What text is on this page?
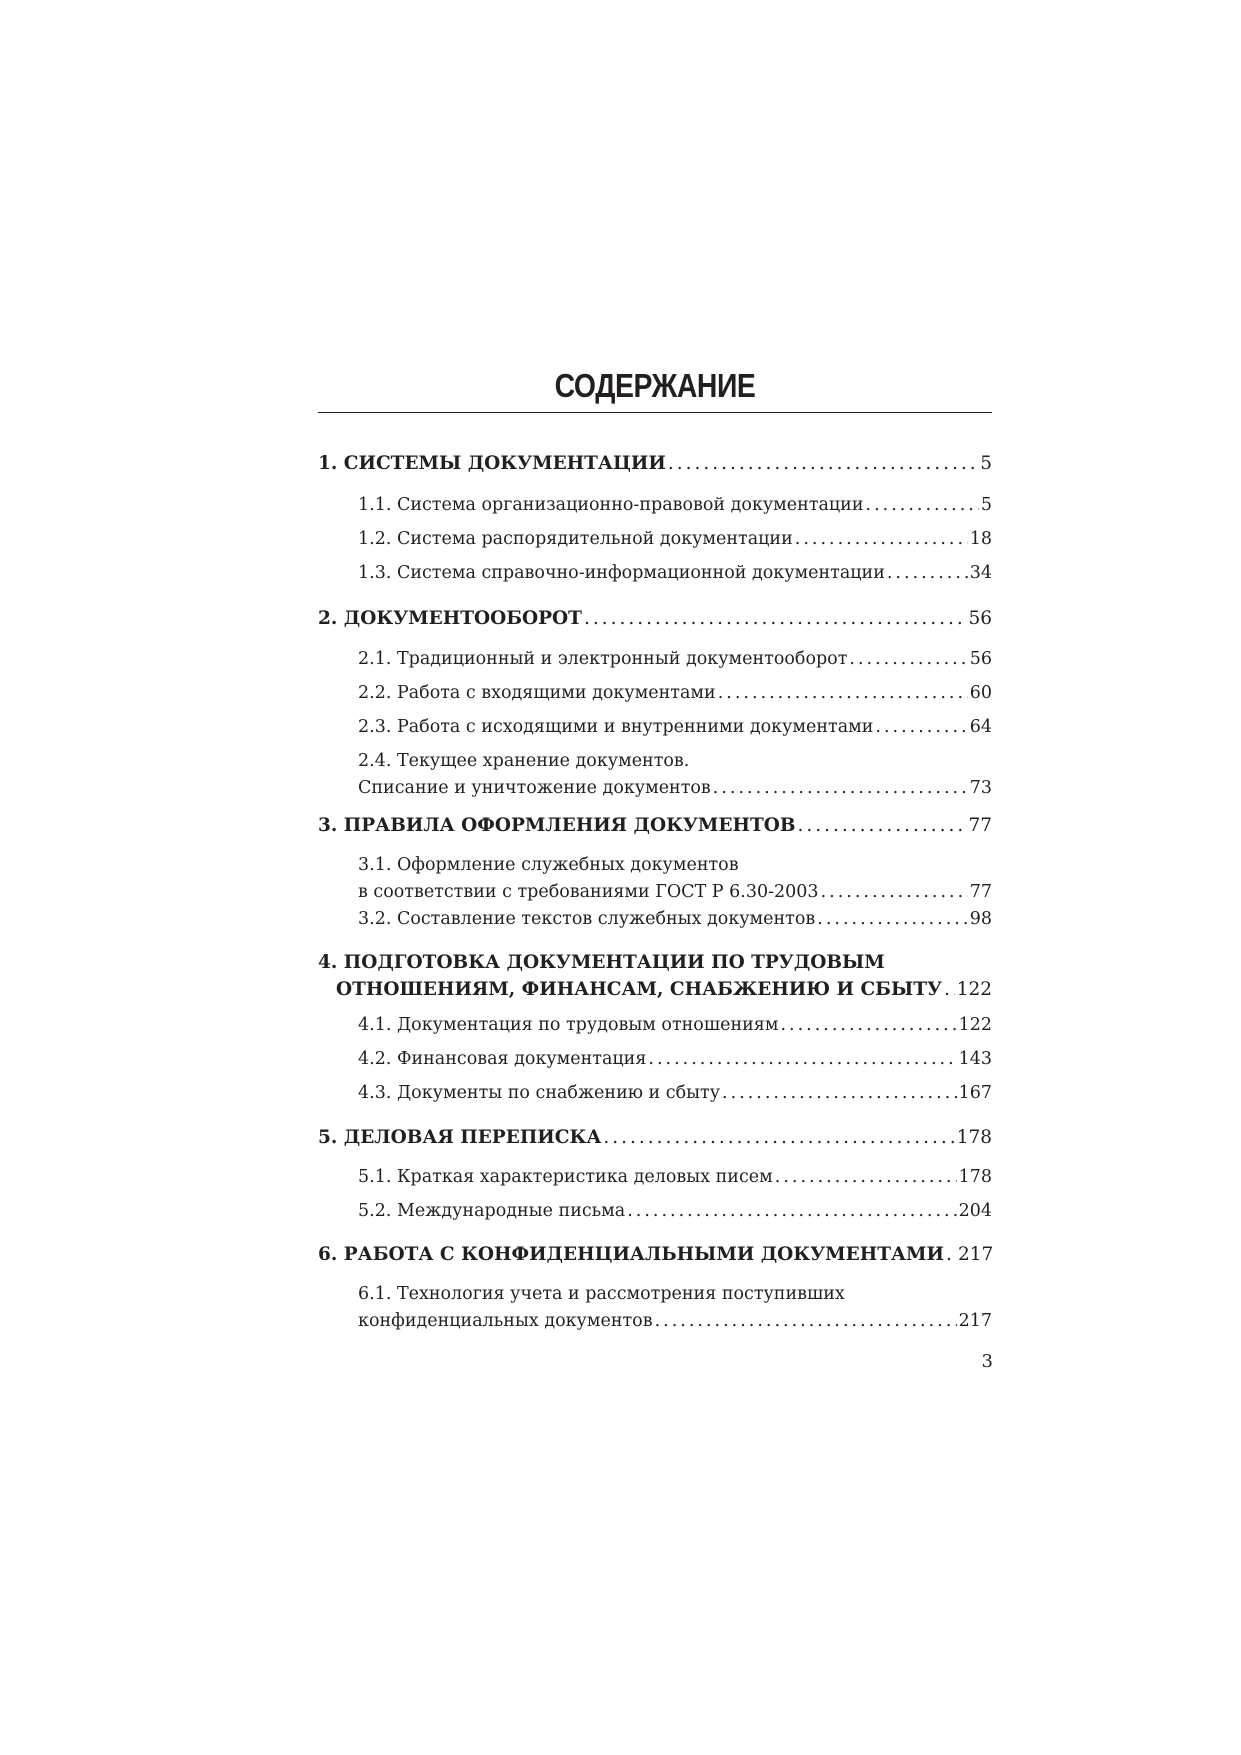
СОДЕРЖАНИЕ
1. СИСТЕМЫ ДОКУМЕНТАЦИИ .....	5
1.1. Система организационно-правовой документации .....	5
1.2. Система распорядительной документации .....	18
1.3. Система справочно-информационной документации .....	34
2. ДОКУМЕНТООБОРОТ .....	56
2.1. Традиционный и электронный документооборот .....	56
2.2. Работа с входящими документами .....	60
2.3. Работа с исходящими и внутренними документами .....	64
2.4. Текущее хранение документов.
Списание и уничтожение документов .....	73
3. ПРАВИЛА ОФОРМЛЕНИЯ ДОКУМЕНТОВ .....	77
3.1. Оформление служебных документов
в соответствии с требованиями ГОСТ Р 6.30-2003 .....	77
3.2. Составление текстов служебных документов .....	98
4. ПОДГОТОВКА ДОКУМЕНТАЦИИ ПО ТРУДОВЫМ
ОТНОШЕНИЯМ, ФИНАНСАМ, СНАБЖЕНИЮ И СБЫТУ ..... 122
4.1. Документация по трудовым отношениям .....	122
4.2. Финансовая документация .....	143
4.3. Документы по снабжению и сбыту .....	167
5. ДЕЛОВАЯ ПЕРЕПИСКА .....	178
5.1. Краткая характеристика деловых писем .....	178
5.2. Международные письма .....	204
6. РАБОТА С КОНФИДЕНЦИАЛЬНЫМИ ДОКУМЕНТАМИ ..... 217
6.1. Технология учета и рассмотрения поступивших
конфиденциальных документов .....	217
3
